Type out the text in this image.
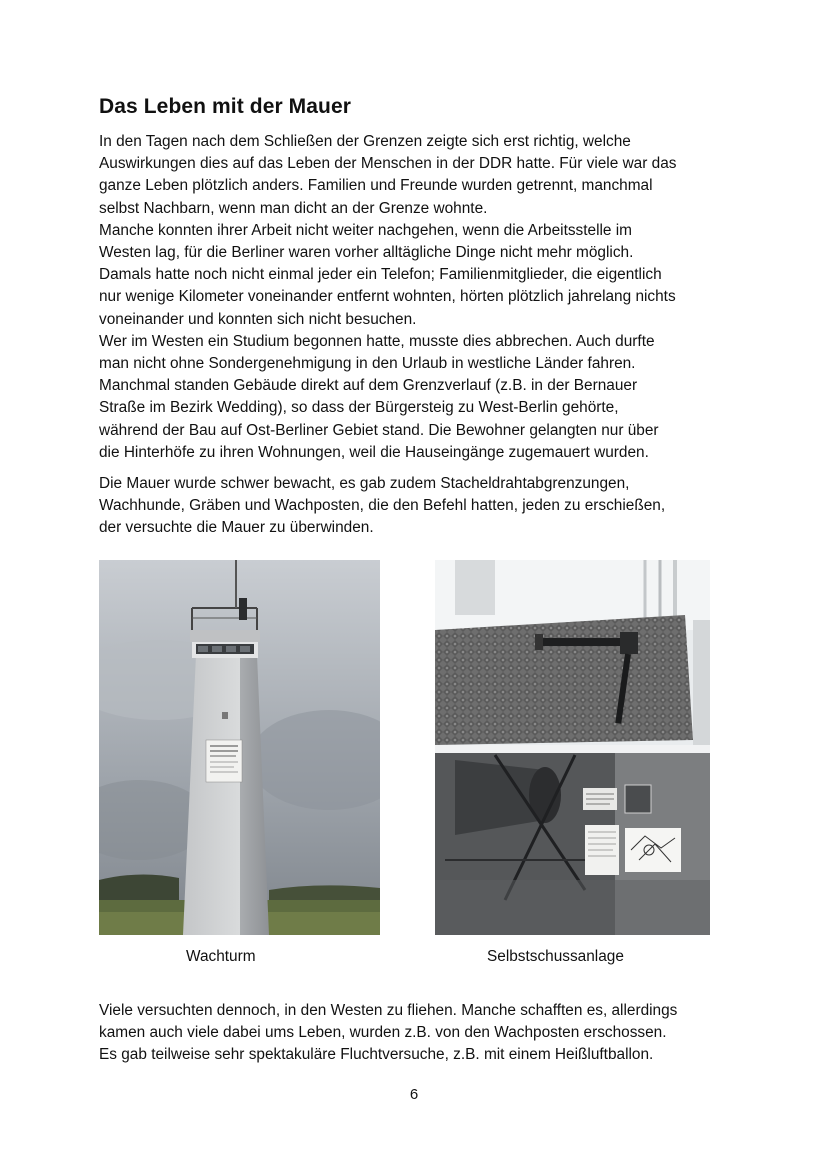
Das Leben mit der Mauer

In den Tagen nach dem Schließen der Grenzen zeigte sich erst richtig, welche
Auswirkungen dies auf das Leben der Menschen in der DDR hatte. Für viele war das
ganze Leben plötzlich anders. Familien und Freunde wurden getrennt, manchmal
selbst Nachbarn, wenn man dicht an der Grenze wohnte.
Manche konnten ihrer Arbeit nicht weiter nachgehen, wenn die Arbeitsstelle im
Westen lag, für die Berliner waren vorher alltägliche Dinge nicht mehr möglich.
Damals hatte noch nicht einmal jeder ein Telefon; Familienmitglieder, die eigentlich
nur wenige Kilometer voneinander entfernt wohnten, hörten plötzlich jahrelang nichts
voneinander und konnten sich nicht besuchen.
Wer im Westen ein Studium begonnen hatte, musste dies abbrechen. Auch durfte
man nicht ohne Sondergenehmigung in den Urlaub in westliche Länder fahren.
Manchmal standen Gebäude direkt auf dem Grenzverlauf (z.B. in der Bernauer
Straße im Bezirk Wedding), so dass der Bürgersteig zu West-Berlin gehörte,
während der Bau auf Ost-Berliner Gebiet stand. Die Bewohner gelangten nur über
die Hinterhöfe zu ihren Wohnungen, weil die Hauseingänge zugemauert wurden.

Die Mauer wurde schwer bewacht, es gab zudem Stacheldrahtabgrenzungen,
Wachhunde, Gräben und Wachposten, die den Befehl hatten, jeden zu erschießen,
der versuchte die Mauer zu überwinden.

Wachturm	Selbstschussanlage

Viele versuchten dennoch, in den Westen zu fliehen. Manche schafften es, allerdings
kamen auch viele dabei ums Leben, wurden z.B. von den Wachposten erschossen.
Es gab teilweise sehr spektakuläre Fluchtversuche, z.B. mit einem Heißluftballon.

6
